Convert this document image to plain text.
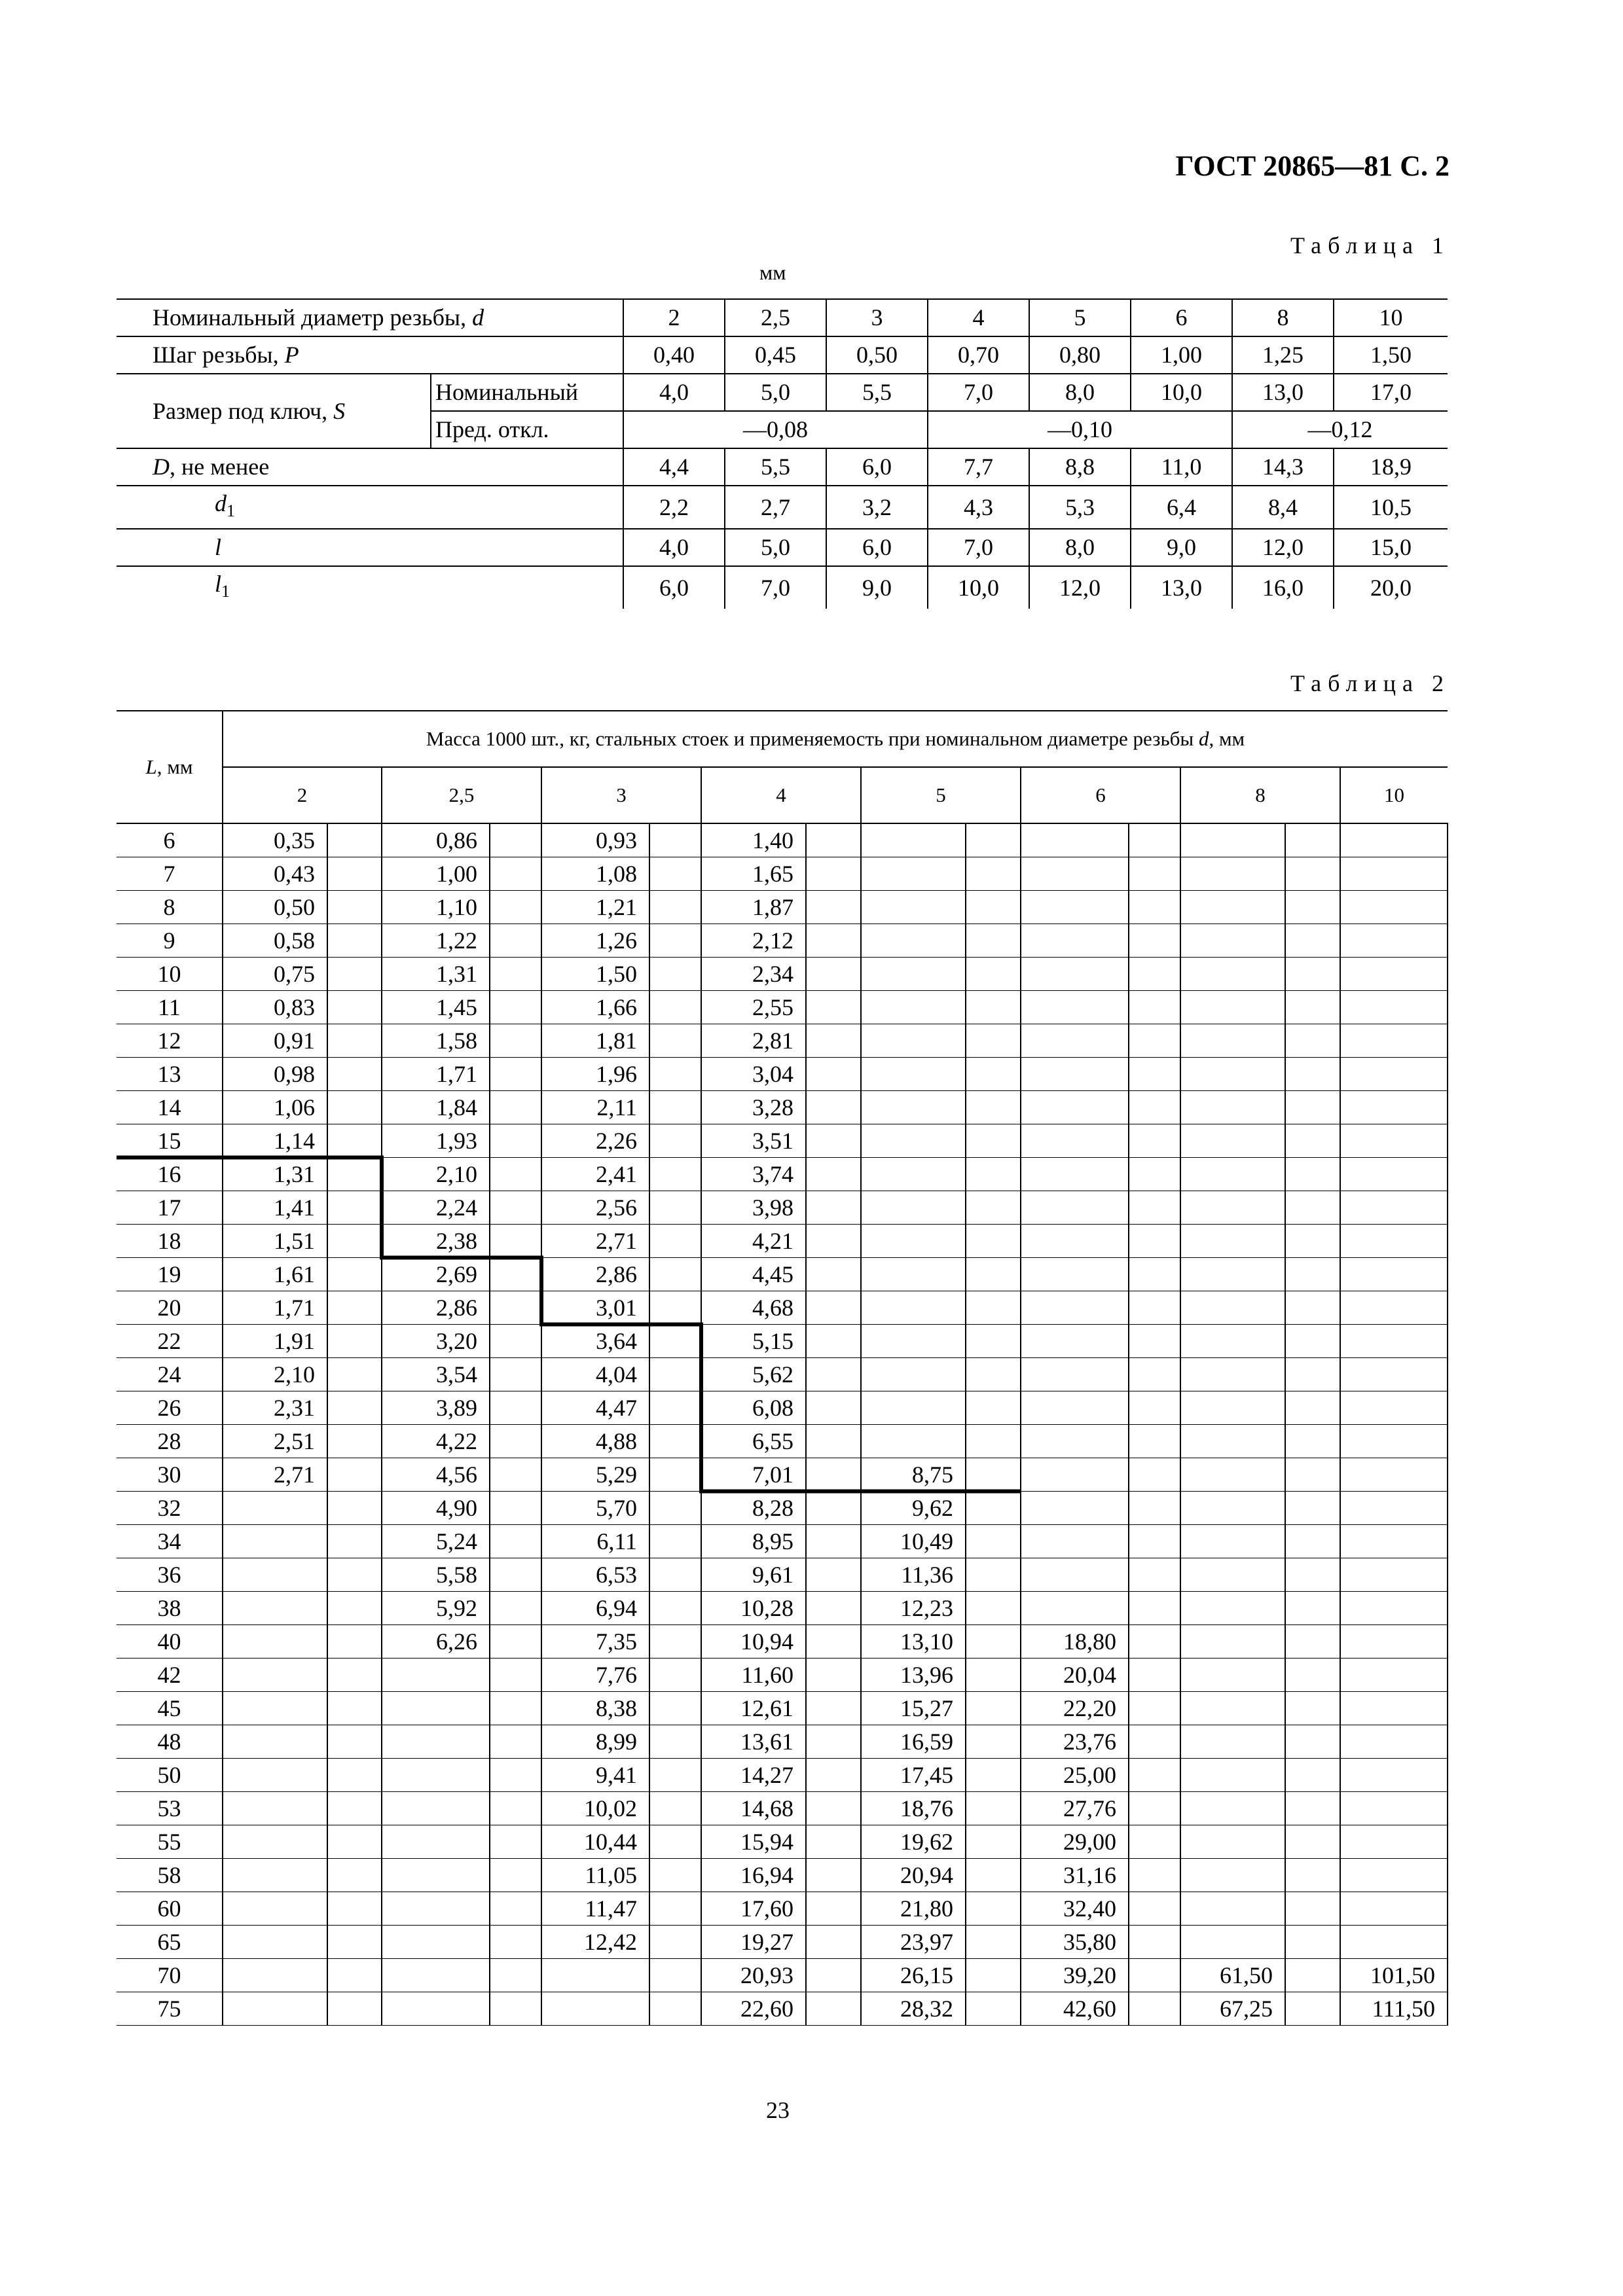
ГОСТ 20865—81 С. 2
Таблица 1
мм
Номинальный диаметр резьбы, d		2	2,5	3	4	5	6	8	10
Шаг резьбы, P		0,40	0,45	0,50	0,70	0,80	1,00	1,25	1,50
Размер под ключ, S	Номинальный	4,0	5,0	5,5	7,0	8,0	10,0	13,0	17,0
	Пред. откл.	—0,08			—0,10			—0,12	
D, не менее		4,4	5,5	6,0	7,7	8,8	11,0	14,3	18,9
$d_1$		2,2	2,7	3,2	4,3	5,3	6,4	8,4	10,5
l		4,0	5,0	6,0	7,0	8,0	9,0	12,0	15,0
$l_1$		6,0	7,0	9,0	10,0	12,0	13,0	16,0	20,0
Таблица 2
L, мм	Масса 1000 шт., кг, стальных стоек и применяемость при номинальном диаметре резьбы d, мм															
	2		2,5		3		4		5		6		8		10	
6	0,35		0,86		0,93		1,40									
7	0,43		1,00		1,08		1,65									
8	0,50		1,10		1,21		1,87									
9	0,58		1,22		1,26		2,12									
10	0,75		1,31		1,50		2,34									
11	0,83		1,45		1,66		2,55									
12	0,91		1,58		1,81		2,81									
13	0,98		1,71		1,96		3,04									
14	1,06		1,84		2,11		3,28									
15	1,14		1,93		2,26		3,51									
16	1,31		2,10		2,41		3,74									
17	1,41		2,24		2,56		3,98									
18	1,51		2,38		2,71		4,21									
19	1,61		2,69		2,86		4,45									
20	1,71		2,86		3,01		4,68									
22	1,91		3,20		3,64		5,15									
24	2,10		3,54		4,04		5,62									
26	2,31		3,89		4,47		6,08									
28	2,51		4,22		4,88		6,55									
30	2,71		4,56		5,29		7,01		8,75							
32			4,90		5,70		8,28		9,62							
34			5,24		6,11		8,95		10,49							
36			5,58		6,53		9,61		11,36							
38			5,92		6,94		10,28		12,23							
40			6,26		7,35		10,94		13,10		18,80					
42					7,76		11,60		13,96		20,04					
45					8,38		12,61		15,27		22,20					
48					8,99		13,61		16,59		23,76					
50					9,41		14,27		17,45		25,00					
53					10,02		14,68		18,76		27,76					
55					10,44		15,94		19,62		29,00					
58					11,05		16,94		20,94		31,16					
60					11,47		17,60		21,80		32,40					
65					12,42		19,27		23,97		35,80					
70							20,93		26,15		39,20		61,50		101,50	
75							22,60		28,32		42,60		67,25		111,50	
23
